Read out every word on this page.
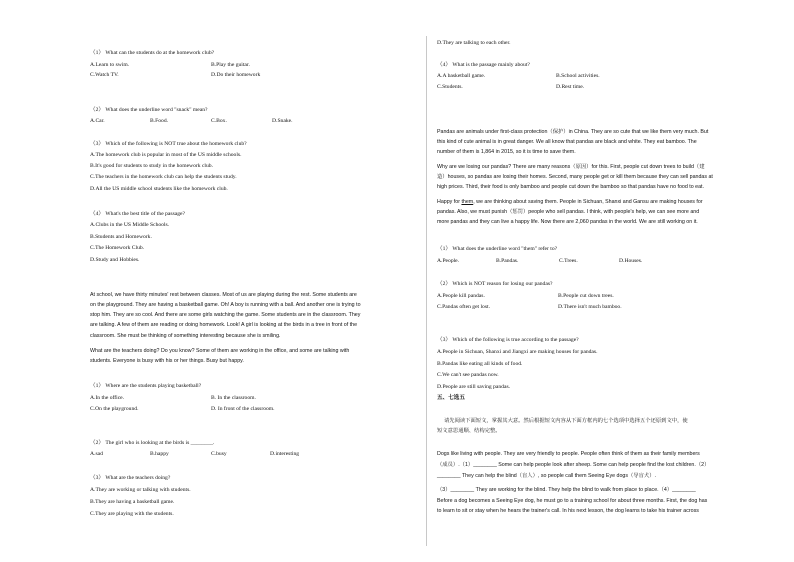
（1） What can the students do at the homework club?
A.Learn to swim.	B.Play the guitar.
C.Watch TV.	D.Do their homework
（2） What does the underline word "snack" mean?
A.Car.	B.Food.	C.Box.	D.Snake.
（3） Which of the following is NOT true about the homework club?
A.The homework club is popular in most of the US middle schools.
B.It's good for students to study in the homework club.
C.The teachers in the homework club can help the students study.
D.All the US middle school students like the homework club.
（4） What's the best title of the passage?
A.Clubs in the US Middle Schools.
B.Students and Homework.
C.The Homework Club.
D.Study and Hobbies.
At school, we have thirty minutes' rest between classes. Most of us are playing during the rest. Some students are
on the playground. They are having a basketball game. Oh! A boy is running with a ball. And another one is trying to
stop him. They are so cool. And there are some girls watching the game. Some students are in the classroom. They
are talking. A few of them are reading or doing homework. Look! A girl is looking at the birds in a tree in front of the
classroom. She must be thinking of something interesting because she is smiling.
What are the teachers doing? Do you know? Some of them are working in the office, and some are talking with
students. Everyone is busy with his or her things. Busy but happy.
（1） Where are the students playing basketball?
A.In the office.	B. In the classroom.
C.On the playground.	D. In front of the classroom.
（2） The girl who is looking at the birds is ________.
A.sad	B.happy	C.busy	D.interesting
（3） What are the teachers doing?
A.They are working or talking with students.
B.They are having a basketball game.
C.They are playing with the students.
D.They are talking to each other.
（4） What is the passage mainly about?
A.A basketball game.	B.School activities.
C.Students.	D.Rest time.
Pandas are animals under first-class protection（保护）in China. They are so cute that we like them very much. But
this kind of cute animal is in great danger. We all know that pandas are black and white. They eat bamboo. The
number of them is 1,864 in 2015, so it is time to save them.
Why are we losing our pandas? There are many reasons（原因）for this. First, people cut down trees to build（建
造）houses, so pandas are losing their homes. Second, many people get or kill them because they can sell pandas at
high prices. Third, their food is only bamboo and people cut down the bamboo so that pandas have no food to eat.
Happy for them, we are thinking about saving them. People in Sichuan, Shanxi and Gansu are making houses for
pandas. Also, we must punish（惩罚）people who sell pandas. I think, with people's help, we can see more and
more pandas and they can live a happy life. Now there are 2,060 pandas in the world. We are still working on it.
（1） What does the underline word "them" refer to?
A.People.	B.Pandas.	C.Trees.	D.Houses.
（2） Which is NOT reason for losing our pandas?
A.People kill pandas.	B.People cut down trees.
C.Pandas often get lost.	D.There isn't much bamboo.
（3） Which of the following is true according to the passage?
A.People in Sichuan, Shanxi and Jiangxi are making houses for pandas.
B.Pandas like eating all kinds of food.
C.We can't see pandas now.
D.People are still saving pandas.
五、七选五
请先阅读下面短文，掌握其大意。然后根据短文内容从下面方框内的七个选项中选择五个还原到文中，使
短文意思通顺、结构完整。
Dogs like living with people. They are very friendly to people. People often think of them as their family members
（成员）.（1）________ Some can help people look after sheep. Some can help people find the lost children.（2）
________ They can help the blind（盲人）, so people call them Seeing Eye dogs（导盲犬）.
（3）________ They are working for the blind. They help the blind to walk from place to place.（4）________
Before a dog becomes a Seeing Eye dog, he must go to a training school for about three months. First, the dog has
to learn to sit or stay when he hears the trainer's call. In his next lesson, the dog learns to take his trainer across
